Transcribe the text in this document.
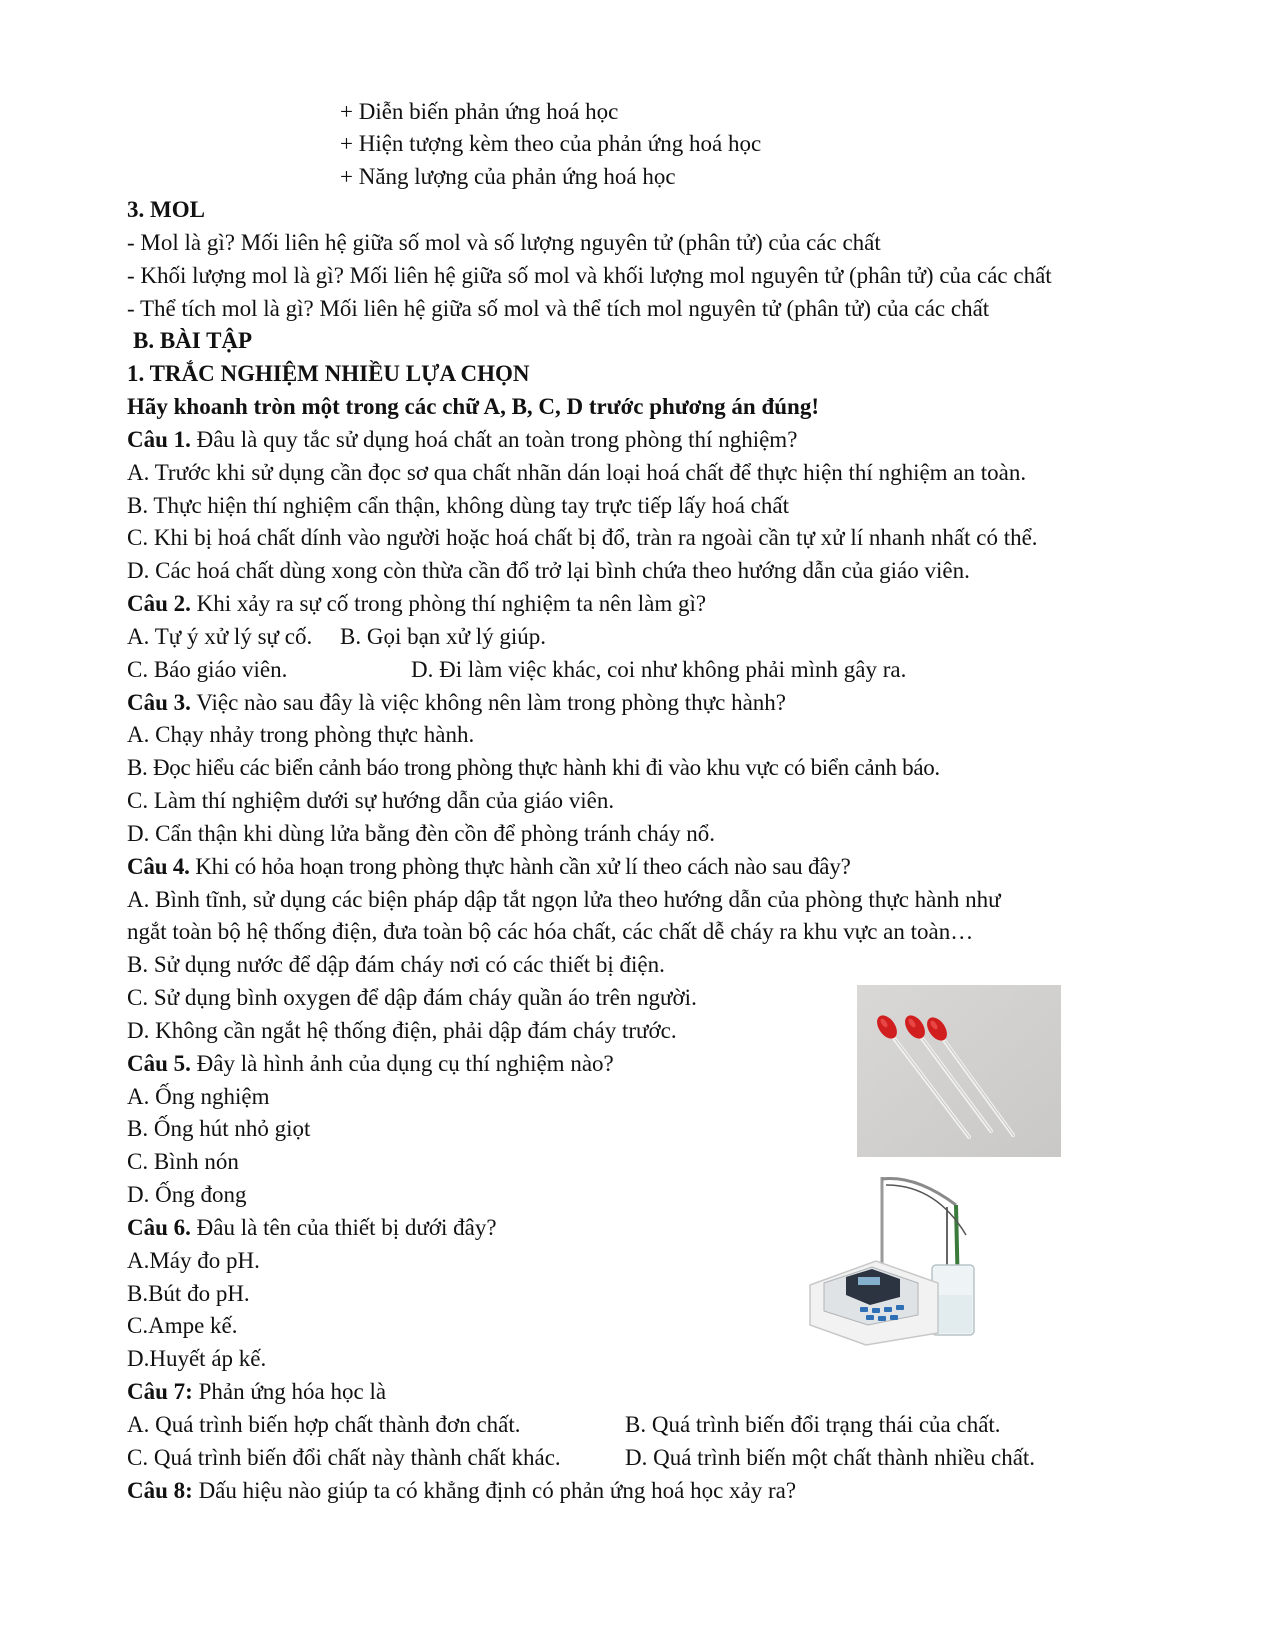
+ Diễn biến phản ứng hoá học
+ Hiện tượng kèm theo của phản ứng hoá học
+ Năng lượng của phản ứng hoá học
3. MOL
- Mol là gì? Mối liên hệ giữa số mol và số lượng nguyên tử (phân tử) của các chất
- Khối lượng mol là gì? Mối liên hệ giữa số mol và khối lượng mol nguyên tử (phân tử) của các chất
- Thể tích mol là gì? Mối liên hệ giữa số mol và thể tích mol nguyên tử (phân tử) của các chất
B. BÀI TẬP
1. TRẮC NGHIỆM NHIỀU LỰA CHỌN
Hãy khoanh tròn một trong các chữ A, B, C, D trước phương án đúng!
Câu 1. Đâu là quy tắc sử dụng hoá chất an toàn trong phòng thí nghiệm?
A. Trước khi sử dụng cần đọc sơ qua chất nhãn dán loại hoá chất để thực hiện thí nghiệm an toàn.
B. Thực hiện thí nghiệm cẩn thận, không dùng tay trực tiếp lấy hoá chất
C. Khi bị hoá chất dính vào người hoặc hoá chất bị đổ, tràn ra ngoài cần tự xử lí nhanh nhất có thể.
D. Các hoá chất dùng xong còn thừa cần đổ trở lại bình chứa theo hướng dẫn của giáo viên.
Câu 2. Khi xảy ra sự cố trong phòng thí nghiệm ta nên làm gì?
A. Tự ý xử lý sự cố. B. Gọi bạn xử lý giúp.
C. Báo giáo viên.	D. Đi làm việc khác, coi như không phải mình gây ra.
Câu 3. Việc nào sau đây là việc không nên làm trong phòng thực hành?
A. Chạy nhảy trong phòng thực hành.
B. Đọc hiểu các biển cảnh báo trong phòng thực hành khi đi vào khu vực có biển cảnh báo.
C. Làm thí nghiệm dưới sự hướng dẫn của giáo viên.
D. Cẩn thận khi dùng lửa bằng đèn cồn để phòng tránh cháy nổ.
Câu 4. Khi có hỏa hoạn trong phòng thực hành cần xử lí theo cách nào sau đây?
A. Bình tĩnh, sử dụng các biện pháp dập tắt ngọn lửa theo hướng dẫn của phòng thực hành như
ngắt toàn bộ hệ thống điện, đưa toàn bộ các hóa chất, các chất dễ cháy ra khu vực an toàn…
B. Sử dụng nước để dập đám cháy nơi có các thiết bị điện.
C. Sử dụng bình oxygen để dập đám cháy quần áo trên người.
D. Không cần ngắt hệ thống điện, phải dập đám cháy trước.
Câu 5. Đây là hình ảnh của dụng cụ thí nghiệm nào?
A. Ống nghiệm
B. Ống hút nhỏ giọt
C. Bình nón
D. Ống đong
Câu 6. Đâu là tên của thiết bị dưới đây?
A.Máy đo pH.
B.Bút đo pH.
C.Ampe kế.
D.Huyết áp kế.
Câu 7: Phản ứng hóa học là
A. Quá trình biến hợp chất thành đơn chất.	B. Quá trình biến đổi trạng thái của chất.
C. Quá trình biến đổi chất này thành chất khác.	D. Quá trình biến một chất thành nhiều chất.
Câu 8: Dấu hiệu nào giúp ta có khẳng định có phản ứng hoá học xảy ra?
